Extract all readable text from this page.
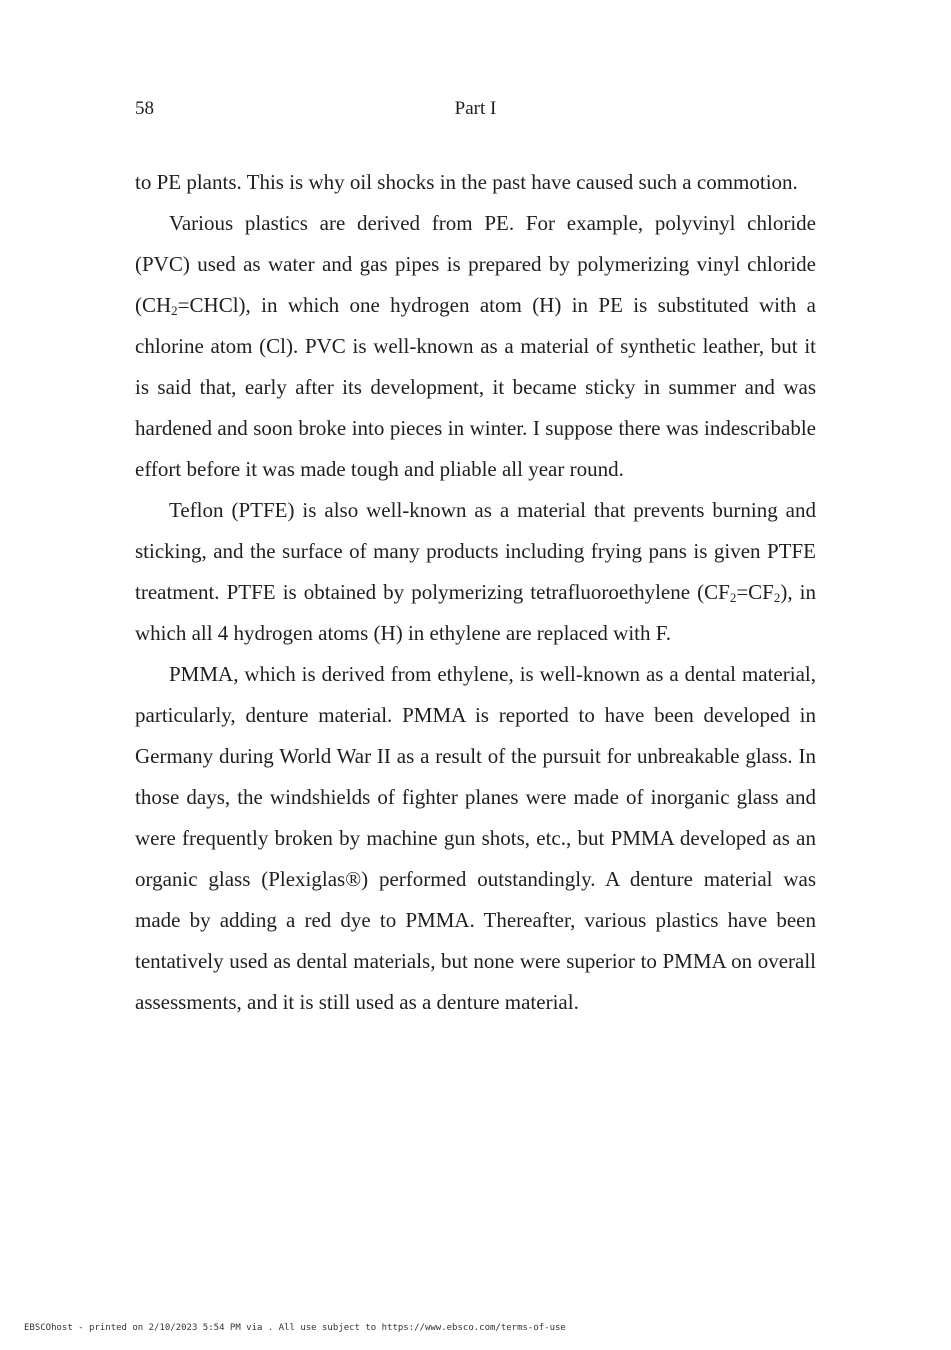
58	Part I

to PE plants. This is why oil shocks in the past have caused such a commotion.

Various plastics are derived from PE. For example, polyvinyl chloride (PVC) used as water and gas pipes is prepared by polymerizing vinyl chloride $(CH_2=CHCl)$, in which one hydrogen atom (H) in PE is substituted with a chlorine atom (Cl). PVC is well-known as a material of synthetic leather, but it is said that, early after its development, it became sticky in summer and was hardened and soon broke into pieces in winter. I suppose there was indescribable effort before it was made tough and pliable all year round.

Teflon (PTFE) is also well-known as a material that prevents burning and sticking, and the surface of many products including frying pans is given PTFE treatment. PTFE is obtained by polymerizing tetrafluoroethylene $(CF_2=CF_2)$, in which all 4 hydrogen atoms (H) in ethylene are replaced with F.

PMMA, which is derived from ethylene, is well-known as a dental material, particularly, denture material. PMMA is reported to have been developed in Germany during World War II as a result of the pursuit for unbreakable glass. In those days, the windshields of fighter planes were made of inorganic glass and were frequently broken by machine gun shots, etc., but PMMA developed as an organic glass (Plexiglas®) performed outstandingly. A denture material was made by adding a red dye to PMMA. Thereafter, various plastics have been tentatively used as dental materials, but none were superior to PMMA on overall assessments, and it is still used as a denture material.

EBSCOhost - printed on 2/10/2023 5:54 PM via . All use subject to https://www.ebsco.com/terms-of-use
